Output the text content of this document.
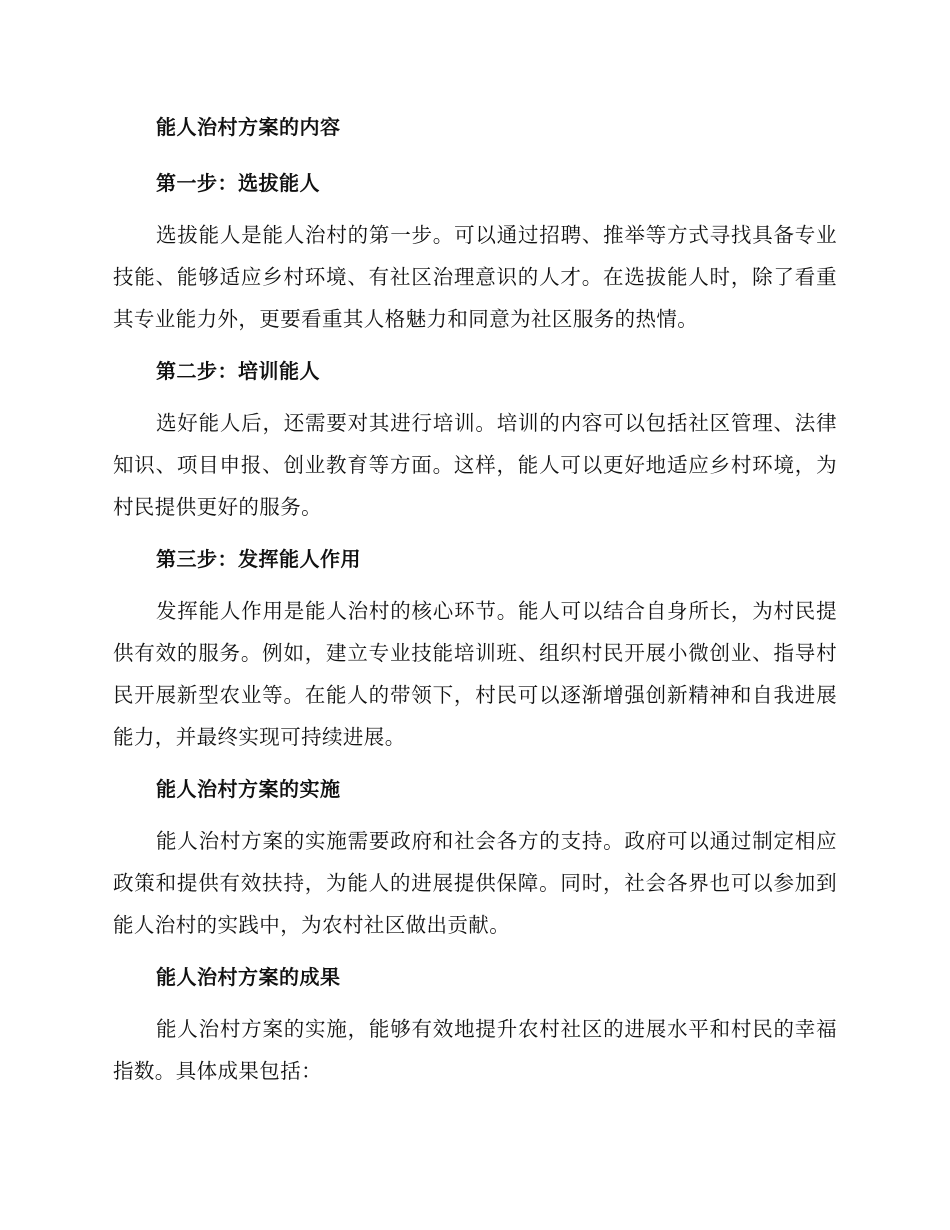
能人治村方案的内容
第一步：选拔能人

选拔能人是能人治村的第一步。可以通过招聘、推举等方式寻找具备专业技能、能够适应乡村环境、有社区治理意识的人才。在选拔能人时，除了看重其专业能力外，更要看重其人格魅力和同意为社区服务的热情。

第二步：培训能人

选好能人后，还需要对其进行培训。培训的内容可以包括社区管理、法律知识、项目申报、创业教育等方面。这样，能人可以更好地适应乡村环境，为村民提供更好的服务。

第三步：发挥能人作用

发挥能人作用是能人治村的核心环节。能人可以结合自身所长，为村民提供有效的服务。例如，建立专业技能培训班、组织村民开展小微创业、指导村民开展新型农业等。在能人的带领下，村民可以逐渐增强创新精神和自我进展能力，并最终实现可持续进展。

能人治村方案的实施

能人治村方案的实施需要政府和社会各方的支持。政府可以通过制定相应政策和提供有效扶持，为能人的进展提供保障。同时，社会各界也可以参加到能人治村的实践中，为农村社区做出贡献。

能人治村方案的成果

能人治村方案的实施，能够有效地提升农村社区的进展水平和村民的幸福指数。具体成果包括：
